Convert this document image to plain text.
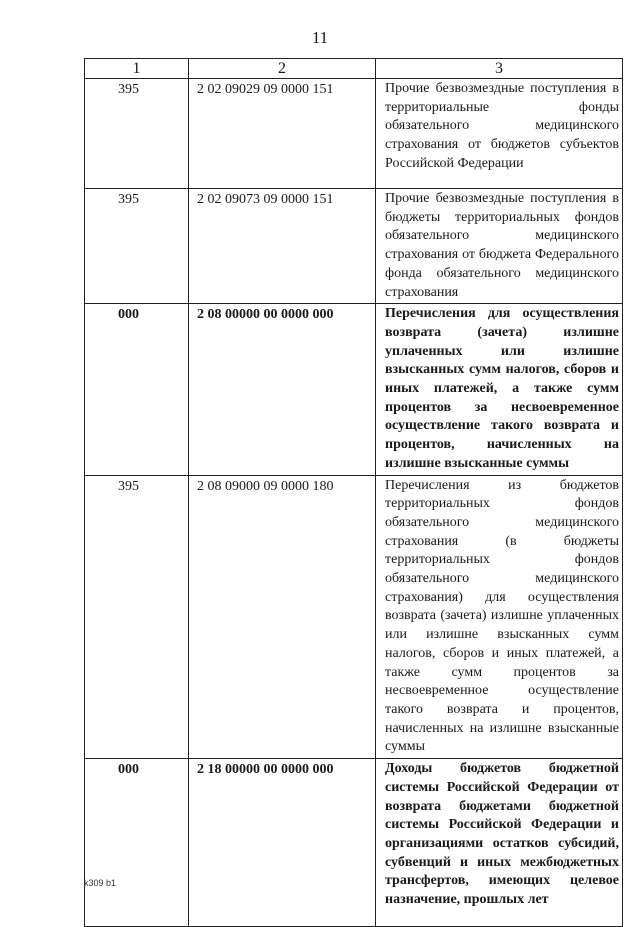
11
1	2	3

395	2 02 09029 09 0000 151	Прочие безвозмездные поступления в территориальные фонды обязательного медицинского страхования от бюджетов субъектов Российской Федерации

395	2 02 09073 09 0000 151	Прочие безвозмездные поступления в бюджеты территориальных фондов обязательного медицинского страхования от бюджета Федерального фонда обязательного медицинского страхования

000	2 08 00000 00 0000 000	Перечисления для осуществления возврата (зачета) излишне уплаченных или излишне взысканных сумм налогов, сборов и иных платежей, а также сумм процентов за несвоевременное осуществление такого возврата и процентов, начисленных на излишне взысканные суммы

395	2 08 09000 09 0000 180	Перечисления из бюджетов территориальных фондов обязательного медицинского страхования (в бюджеты территориальных фондов обязательного медицинского страхования) для осуществления возврата (зачета) излишне уплаченных или излишне взысканных сумм налогов, сборов и иных платежей, а также сумм процентов за несвоевременное осуществление такого возврата и процентов, начисленных на излишне взысканные суммы

000	2 18 00000 00 0000 000	Доходы бюджетов бюджетной системы Российской Федерации от возврата бюджетами бюджетной системы Российской Федерации и организациями остатков субсидий, субвенций и иных межбюджетных трансфертов, имеющих целевое назначение, прошлых лет
k309 b1
